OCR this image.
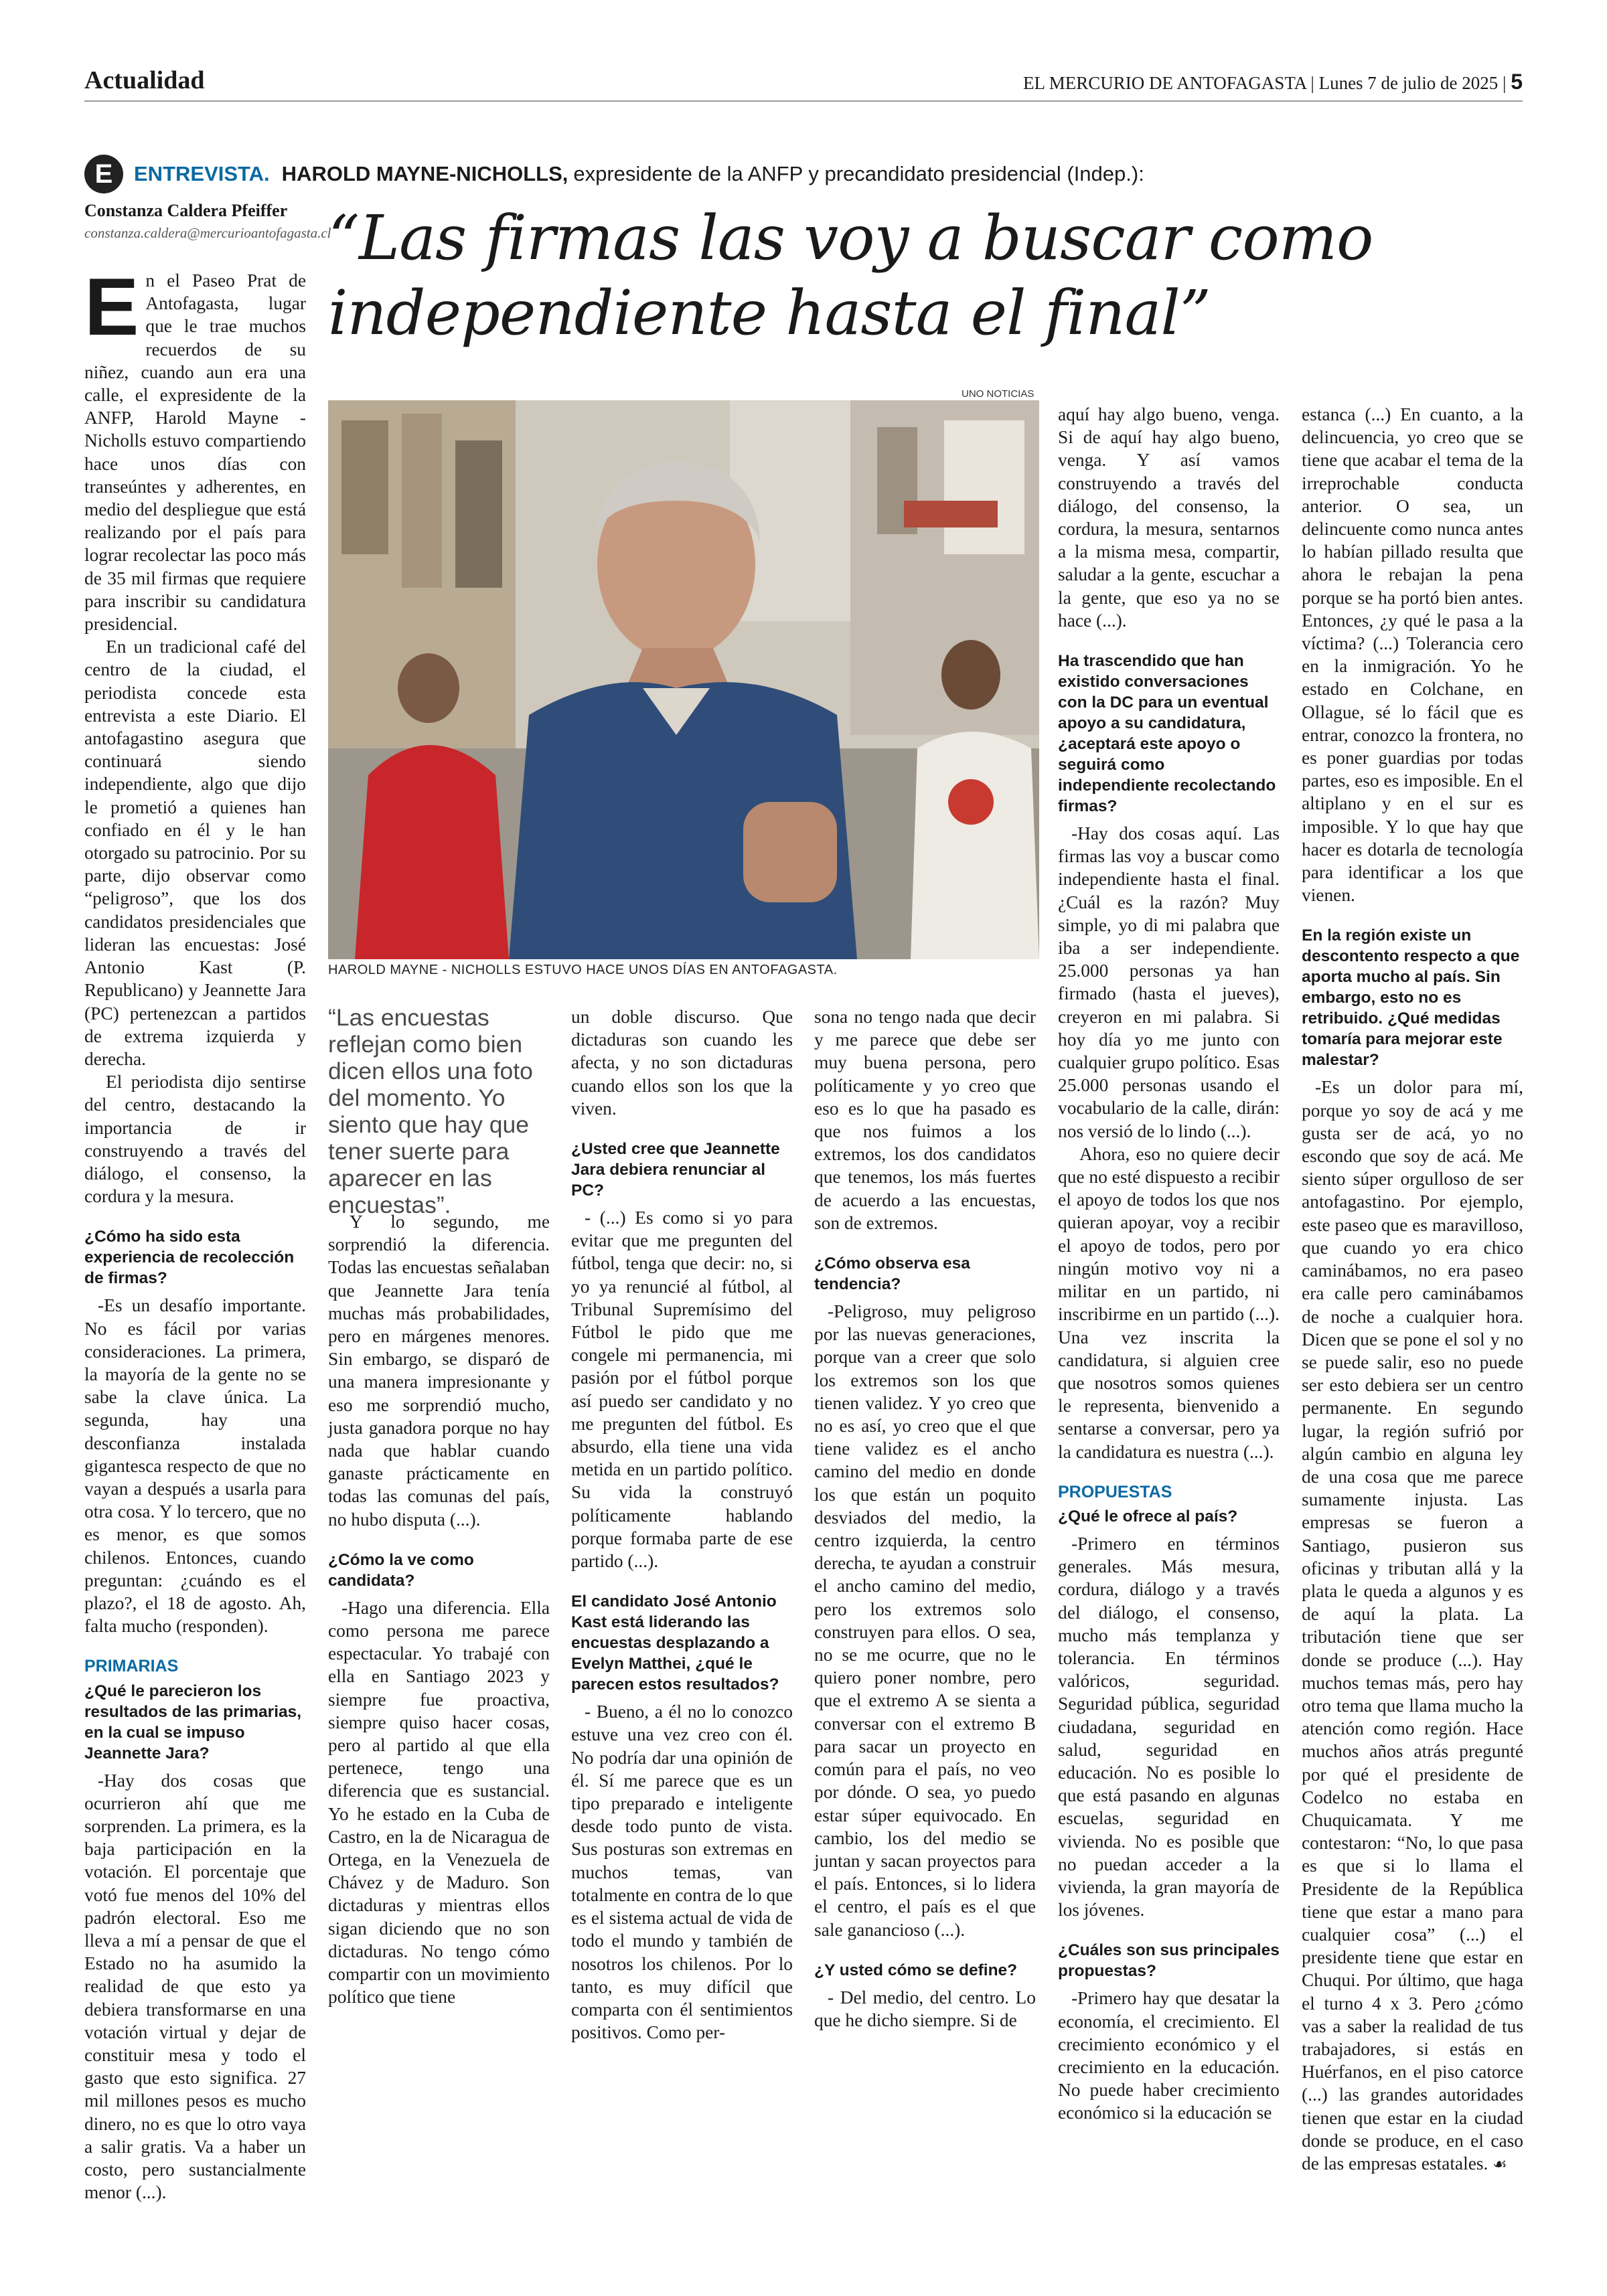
Actualidad	EL MERCURIO DE ANTOFAGASTA | Lunes 7 de julio de 2025 | 5
E	ENTREVISTA. HAROLD MAYNE-NICHOLLS, expresidente de la ANFP y precandidato presidencial (Indep.):
Constanza Caldera Pfeiffer
constanza.caldera@mercurioantofagasta.cl
“Las firmas las voy a buscar como independiente hasta el final”
UNO NOTICIAS
HAROLD MAYNE - NICHOLLS ESTUVO HACE UNOS DÍAS EN ANTOFAGASTA.
“Las encuestas reflejan como bien dicen ellos una foto del momento. Yo siento que hay que tener suerte para aparecer en las encuestas”.

En el Paseo Prat de Antofagasta, lugar que le trae muchos recuerdos de su niñez, cuando aun era una calle, el expresidente de la ANFP, Harold Mayne - Nicholls estuvo compartiendo hace unos días con transeúntes y adherentes, en medio del despliegue que está realizando por el país para lograr recolectar las poco más de 35 mil firmas que requiere para inscribir su candidatura presidencial.

En un tradicional café del centro de la ciudad, el periodista concede esta entrevista a este Diario. El antofagastino asegura que continuará siendo independiente, algo que dijo le prometió a quienes han confiado en él y le han otorgado su patrocinio. Por su parte, dijo observar como “peligroso”, que los dos candidatos presidenciales que lideran las encuestas: José Antonio Kast (P. Republicano) y Jeannette Jara (PC) pertenezcan a partidos de extrema izquierda y derecha.

El periodista dijo sentirse del centro, destacando la importancia de ir construyendo a través del diálogo, el consenso, la cordura y la mesura.

¿Cómo ha sido esta experiencia de recolección de firmas?

-Es un desafío importante. No es fácil por varias consideraciones. La primera, la mayoría de la gente no se sabe la clave única. La segunda, hay una desconfianza instalada gigantesca respecto de que no vayan a después a usarla para otra cosa. Y lo tercero, que no es menor, es que somos chilenos. Entonces, cuando preguntan: ¿cuándo es el plazo?, el 18 de agosto. Ah, falta mucho (responden).

PRIMARIAS
¿Qué le parecieron los resultados de las primarias, en la cual se impuso Jeannette Jara?

-Hay dos cosas que ocurrieron ahí que me sorprenden. La primera, es la baja participación en la votación. El porcentaje que votó fue menos del 10% del padrón electoral. Eso me lleva a mí a pensar de que el Estado no ha asumido la realidad de que esto ya debiera transformarse en una votación virtual y dejar de constituir mesa y todo el gasto que esto significa. 27 mil millones pesos es mucho dinero, no es que lo otro vaya a salir gratis. Va a haber un costo, pero sustancialmente menor (...).

Y lo segundo, me sorprendió la diferencia. Todas las encuestas señalaban que Jeannette Jara tenía muchas más probabilidades, pero en márgenes menores. Sin embargo, se disparó de una manera impresionante y eso me sorprendió mucho, justa ganadora porque no hay nada que hablar cuando ganaste prácticamente en todas las comunas del país, no hubo disputa (...).

¿Cómo la ve como candidata?

-Hago una diferencia. Ella como persona me parece espectacular. Yo trabajé con ella en Santiago 2023 y siempre fue proactiva, siempre quiso hacer cosas, pero al partido al que ella pertenece, tengo una diferencia que es sustancial. Yo he estado en la Cuba de Castro, en la de Nicaragua de Ortega, en la Venezuela de Chávez y de Maduro. Son dictaduras y mientras ellos sigan diciendo que no son dictaduras. No tengo cómo compartir con un movimiento político que tiene

un doble discurso. Que dictaduras son cuando les afecta, y no son dictaduras cuando ellos son los que la viven.

¿Usted cree que Jeannette Jara debiera renunciar al PC?

- (...) Es como si yo para evitar que me pregunten del fútbol, tenga que decir: no, si yo ya renuncié al fútbol, al Tribunal Supremísimo del Fútbol le pido que me congele mi permanencia, mi pasión por el fútbol porque así puedo ser candidato y no me pregunten del fútbol. Es absurdo, ella tiene una vida metida en un partido político. Su vida la construyó políticamente hablando porque formaba parte de ese partido (...).

El candidato José Antonio Kast está liderando las encuestas desplazando a Evelyn Matthei, ¿qué le parecen estos resultados?

- Bueno, a él no lo conozco estuve una vez creo con él. No podría dar una opinión de él. Sí me parece que es un tipo preparado e inteligente desde todo punto de vista. Sus posturas son extremas en muchos temas, van totalmente en contra de lo que es el sistema actual de vida de todo el mundo y también de nosotros los chilenos. Por lo tanto, es muy difícil que comparta con él sentimientos positivos. Como per-

sona no tengo nada que decir y me parece que debe ser muy buena persona, pero políticamente y yo creo que eso es lo que ha pasado es que nos fuimos a los extremos, los dos candidatos que tenemos, los más fuertes de acuerdo a las encuestas, son de extremos.

¿Cómo observa esa tendencia?

-Peligroso, muy peligroso por las nuevas generaciones, porque van a creer que solo los extremos son los que tienen validez. Y yo creo que no es así, yo creo que el que tiene validez es el ancho camino del medio en donde los que están un poquito desviados del medio, la centro izquierda, la centro derecha, te ayudan a construir el ancho camino del medio, pero los extremos solo construyen para ellos. O sea, no se me ocurre, que no le quiero poner nombre, pero que el extremo A se sienta a conversar con el extremo B para sacar un proyecto en común para el país, no veo por dónde. O sea, yo puedo estar súper equivocado. En cambio, los del medio se juntan y sacan proyectos para el país. Entonces, si lo lidera el centro, el país es el que sale ganancioso (...).

¿Y usted cómo se define?

- Del medio, del centro. Lo que he dicho siempre. Si de

aquí hay algo bueno, venga. Si de aquí hay algo bueno, venga. Y así vamos construyendo a través del diálogo, del consenso, la cordura, la mesura, sentarnos a la misma mesa, compartir, saludar a la gente, escuchar a la gente, que eso ya no se hace (...).

Ha trascendido que han existido conversaciones con la DC para un eventual apoyo a su candidatura, ¿aceptará este apoyo o seguirá como independiente recolectando firmas?

-Hay dos cosas aquí. Las firmas las voy a buscar como independiente hasta el final. ¿Cuál es la razón? Muy simple, yo di mi palabra que iba a ser independiente. 25.000 personas ya han firmado (hasta el jueves), creyeron en mi palabra. Si hoy día yo me junto con cualquier grupo político. Esas 25.000 personas usando el vocabulario de la calle, dirán: nos versió de lo lindo (...).

Ahora, eso no quiere decir que no esté dispuesto a recibir el apoyo de todos los que nos quieran apoyar, voy a recibir el apoyo de todos, pero por ningún motivo voy ni a militar en un partido, ni inscribirme en un partido (...). Una vez inscrita la candidatura, si alguien cree que nosotros somos quienes le representa, bienvenido a sentarse a conversar, pero ya la candidatura es nuestra (...).

PROPUESTAS
¿Qué le ofrece al país?

-Primero en términos generales. Más mesura, cordura, diálogo y a través del diálogo, el consenso, mucho más templanza y tolerancia. En términos valóricos, seguridad. Seguridad pública, seguridad ciudadana, seguridad en salud, seguridad en educación. No es posible lo que está pasando en algunas escuelas, seguridad en vivienda. No es posible que no puedan acceder a la vivienda, la gran mayoría de los jóvenes.

¿Cuáles son sus principales propuestas?

-Primero hay que desatar la economía, el crecimiento. El crecimiento económico y el crecimiento en la educación. No puede haber crecimiento económico si la educación se

estanca (...) En cuanto, a la delincuencia, yo creo que se tiene que acabar el tema de la irreprochable conducta anterior. O sea, un delincuente como nunca antes lo habían pillado resulta que ahora le rebajan la pena porque se ha portó bien antes. Entonces, ¿y qué le pasa a la víctima? (...) Tolerancia cero en la inmigración. Yo he estado en Colchane, en Ollague, sé lo fácil que es entrar, conozco la frontera, no es poner guardias por todas partes, eso es imposible. En el altiplano y en el sur es imposible. Y lo que hay que hacer es dotarla de tecnología para identificar a los que vienen.

En la región existe un descontento respecto a que aporta mucho al país. Sin embargo, esto no es retribuido. ¿Qué medidas tomaría para mejorar este malestar?

-Es un dolor para mí, porque yo soy de acá y me gusta ser de acá, yo no escondo que soy de acá. Me siento súper orgulloso de ser antofagastino. Por ejemplo, este paseo que es maravilloso, que cuando yo era chico caminábamos, no era paseo era calle pero caminábamos de noche a cualquier hora. Dicen que se pone el sol y no se puede salir, eso no puede ser esto debiera ser un centro permanente. En segundo lugar, la región sufrió por algún cambio en alguna ley de una cosa que me parece sumamente injusta. Las empresas se fueron a Santiago, pusieron sus oficinas y tributan allá y la plata le queda a algunos y es de aquí la plata. La tributación tiene que ser donde se produce (...). Hay muchos temas más, pero hay otro tema que llama mucho la atención como región. Hace muchos años atrás pregunté por qué el presidente de Codelco no estaba en Chuquicamata. Y me contestaron: “No, lo que pasa es que si lo llama el Presidente de la República tiene que estar a mano para cualquier cosa” (...) el presidente tiene que estar en Chuqui. Por último, que haga el turno 4 x 3. Pero ¿cómo vas a saber la realidad de tus trabajadores, si estás en Huérfanos, en el piso catorce (...) las grandes autoridades tienen que estar en la ciudad donde se produce, en el caso de las empresas estatales. ☙
